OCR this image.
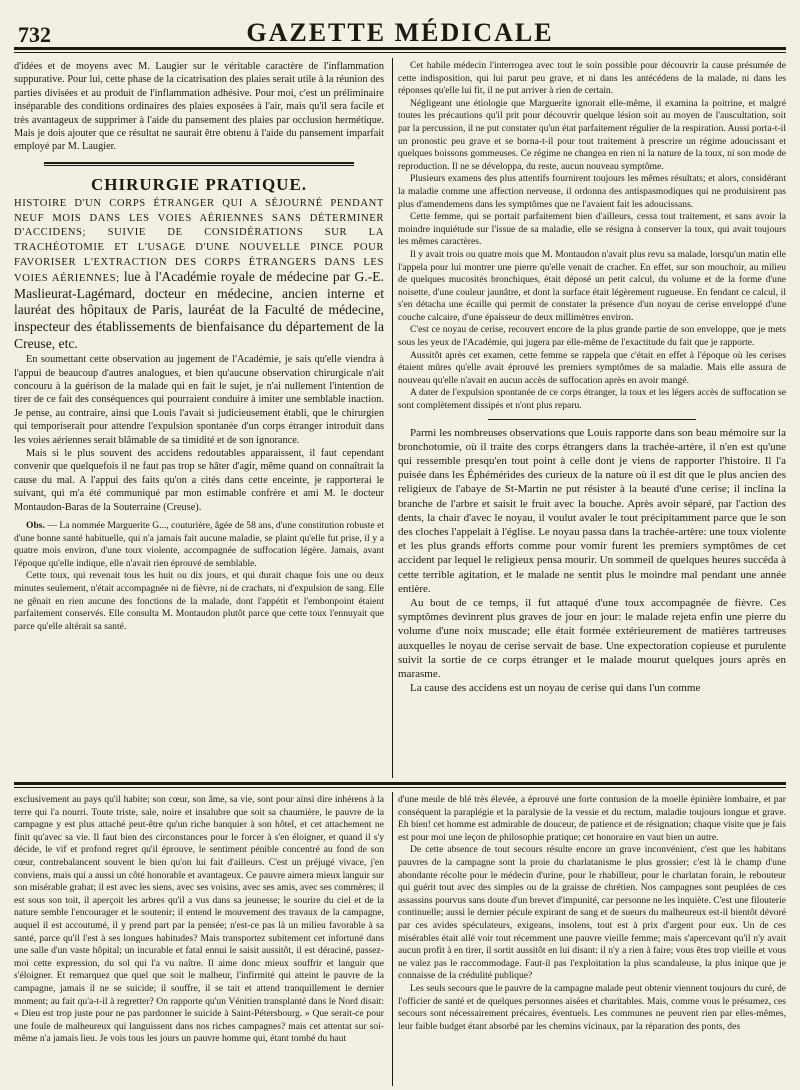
732	GAZETTE MÉDICALE

d'idées et de moyens avec M. Laugier sur le véritable caractère de l'inflammation suppurative. Pour lui, cette phase de la cicatrisation des plaies serait utile à la réunion des parties divisées et au produit de l'inflammation adhésive. Pour moi, c'est un préliminaire inséparable des conditions ordinaires des plaies exposées à l'air, mais qu'il sera facile et très avantageux de supprimer à l'aide du pansement des plaies par occlusion hermétique. Mais je dois ajouter que ce résultat ne saurait être obtenu à l'aide du pansement imparfait employé par M. Laugier.

CHIRURGIE PRATIQUE.

HISTOIRE D'UN CORPS ÉTRANGER QUI A SÉJOURNÉ PENDANT NEUF MOIS DANS LES VOIES AÉRIENNES SANS DÉTERMINER D'ACCIDENS; SUIVIE DE CONSIDÉRATIONS SUR LA TRACHÉOTOMIE ET L'USAGE D'UNE NOUVELLE PINCE POUR FAVORISER L'EXTRACTION DES CORPS ÉTRANGERS DANS LES VOIES AÉRIENNES; lue à l'Académie royale de médecine par G.-E. Maslieurat-Lagémard, docteur en médecine, ancien interne et lauréat des hôpitaux de Paris, lauréat de la Faculté de médecine, inspecteur des établissements de bienfaisance du département de la Creuse, etc.

En soumettant cette observation au jugement de l'Académie, je sais qu'elle viendra à l'appui de beaucoup d'autres analogues, et bien qu'aucune observation chirurgicale n'ait concouru à la guérison de la malade qui en fait le sujet, je n'ai nullement l'intention de tirer de ce fait des conséquences qui pourraient conduire à imiter une semblable inaction. Je pense, au contraire, ainsi que Louis l'avait si judicieusement établi, que le chirurgien qui temporiserait pour attendre l'expulsion spontanée d'un corps étranger introduit dans les voies aériennes serait blâmable de sa timidité et de son ignorance.

Mais si le plus souvent des accidens redoutables apparaissent, il faut cependant convenir que quelquefois il ne faut pas trop se hâter d'agir, même quand on connaîtrait la cause du mal. A l'appui des faits qu'on a cités dans cette enceinte, je rapporterai le suivant, qui m'a été communiqué par mon estimable confrère et ami M. le docteur Montaudon-Baras de la Souterraine (Creuse).

Obs. — La nommée Marguerite G..., couturière, âgée de 58 ans, d'une constitution robuste et d'une bonne santé habituelle, qui n'a jamais fait aucune maladie, se plaint qu'elle fut prise, il y a quatre mois environ, d'une toux violente, accompagnée de suffocation légère. Jamais, avant l'époque qu'elle indique, elle n'avait rien éprouvé de semblable.

Cette toux, qui revenait tous les huit ou dix jours, et qui durait chaque fois une ou deux minutes seulement, n'était accompagnée ni de fièvre, ni de crachats, ni d'expulsion de sang. Elle ne gênait en rien aucune des fonctions de la malade, dont l'appétit et l'embonpoint étaient parfaitement conservés. Elle consulta M. Montaudon plutôt parce que cette toux l'ennuyait que parce qu'elle altérait sa santé.

Cet habile médecin l'interrogea avec tout le soin possible pour découvrir la cause présumée de cette indisposition, qui lui parut peu grave, et ni dans les antécédens de la malade, ni dans les réponses qu'elle lui fit, il ne put arriver à rien de certain.

Négligeant une étiologie que Marguerite ignorait elle-même, il examina la poitrine, et malgré toutes les précautions qu'il prit pour découvrir quelque lésion soit au moyen de l'auscultation, soit par la percussion, il ne put constater qu'un état parfaitement régulier de la respiration. Aussi porta-t-il un pronostic peu grave et se borna-t-il pour tout traitement à prescrire un régime adoucissant et quelques boissons gommeuses. Ce régime ne changea en rien ni la nature de la toux, ni son mode de reproduction. Il ne se développa, du reste, aucun nouveau symptôme.

Plusieurs examens des plus attentifs fournirent toujours les mêmes résultats; et alors, considérant la maladie comme une affection nerveuse, il ordonna des antispasmodiques qui ne produisirent pas plus d'amendemens dans les symptômes que ne l'avaient fait les adoucissans.

Cette femme, qui se portait parfaitement bien d'ailleurs, cessa tout traitement, et sans avoir la moindre inquiétude sur l'issue de sa maladie, elle se résigna à conserver la toux, qui avait toujours les mêmes caractères.

Il y avait trois ou quatre mois que M. Montaudon n'avait plus revu sa malade, lorsqu'un matin elle l'appela pour lui montrer une pierre qu'elle venait de cracher. En effet, sur son mouchoir, au milieu de quelques mucosités bronchiques, était déposé un petit calcul, du volume et de la forme d'une noisette, d'une couleur jaunâtre, et dont la surface était légèrement rugueuse. En fendant ce calcul, il s'en détacha une écaille qui permit de constater la présence d'un noyau de cerise enveloppé d'une couche calcaire, d'une épaisseur de deux millimètres environ.

C'est ce noyau de cerise, recouvert encore de la plus grande partie de son enveloppe, que je mets sous les yeux de l'Académie, qui jugera par elle-même de l'exactitude du fait que je rapporte.

Aussitôt après cet examen, cette femme se rappela que c'était en effet à l'époque où les cerises étaient mûres qu'elle avait éprouvé les premiers symptômes de sa maladie. Mais elle assura de nouveau qu'elle n'avait en aucun accès de suffocation après en avoir mangé.

A dater de l'expulsion spontanée de ce corps étranger, la toux et les légers accès de suffocation se sont complètement dissipés et n'ont plus reparu.

Parmi les nombreuses observations que Louis rapporte dans son beau mémoire sur la bronchotomie, où il traite des corps étrangers dans la trachée-artère, il n'en est qu'une qui ressemble presqu'en tout point à celle dont je viens de rapporter l'histoire. Il l'a puisée dans les Éphémérides des curieux de la nature où il est dit que le plus ancien des religieux de l'abaye de St-Martin ne put résister à la beauté d'une cerise; il inclina la branche de l'arbre et saisit le fruit avec la bouche. Après avoir séparé, par l'action des dents, la chair d'avec le noyau, il voulut avaler le tout précipitamment parce que le son des cloches l'appelait à l'église. Le noyau passa dans la trachée-artère: une toux violente et les plus grands efforts comme pour vomir furent les premiers symptômes de cet accident par lequel le religieux pensa mourir. Un sommeil de quelques heures succéda à cette terrible agitation, et le malade ne sentit plus le moindre mal pendant une année entière.

Au bout de ce temps, il fut attaqué d'une toux accompagnée de fièvre. Ces symptômes devinrent plus graves de jour en jour: le malade rejeta enfin une pierre du volume d'une noix muscade; elle était formée extérieurement de matières tartreuses auxquelles le noyau de cerise servait de base. Une expectoration copieuse et purulente suivit la sortie de ce corps étranger et le malade mourut quelques jours après en marasme.

La cause des accidens est un noyau de cerise qui dans l'un comme

exclusivement au pays qu'il habite; son cœur, son âme, sa vie, sont pour ainsi dire inhérens à la terre qui l'a nourri. Toute triste, sale, noire et insalubre que soit sa chaumière, le pauvre de la campagne y est plus attaché peut-être qu'un riche banquier à son hôtel, et cet attachement ne finit qu'avec sa vie. Il faut bien des circonstances pour le forcer à s'en éloigner, et quand il s'y décide, le vif et profond regret qu'il éprouve, le sentiment pénible concentré au fond de son cœur, contrebalancent souvent le bien qu'on lui fait d'ailleurs. C'est un préjugé vivace, j'en conviens, mais qui a aussi un côté honorable et avantageux. Ce pauvre aimera mieux languir sur son misérable grabat; il est avec les siens, avec ses voisins, avec ses amis, avec ses commères; il est sous son toit, il aperçoit les arbres qu'il a vus dans sa jeunesse; le sourire du ciel et de la nature semble l'encourager et le soutenir; il entend le mouvement des travaux de la campagne, auquel il est accoutumé, il y prend part par la pensée; n'est-ce pas là un milieu favorable à sa santé, parce qu'il l'est à ses longues habitudes? Mais transportez subitement cet infortuné dans une salle d'un vaste hôpital; un incurable et fatal ennui le saisit aussitôt, il est déraciné, passez-moi cette expression, du sol qui l'a vu naître. Il aime donc mieux souffrir et languir que s'éloigner. Et remarquez que quel que soit le malheur, l'infirmité qui atteint le pauvre de la campagne, jamais il ne se suicide; il souffre, il se tait et attend tranquillement le dernier moment; au fait qu'a-t-il à regretter? On rapporte qu'un Vénitien transplanté dans le Nord disait: « Dieu est trop juste pour ne pas pardonner le suicide à Saint-Pétersbourg. » Que serait-ce pour une foule de malheureux qui languissent dans nos riches campagnes? mais cet attentat sur soi-même n'a jamais lieu. Je vois tous les jours un pauvre homme qui, étant tombé du haut

d'une meule de blé très élevée, a éprouvé une forte contusion de la moelle épinière lombaire, et par conséquent la paraplégie et la paralysie de la vessie et du rectum, maladie toujours longue et grave. Eh bien! cet homme est admirable de douceur, de patience et de résignation; chaque visite que je fais est pour moi une leçon de philosophie pratique; cet honoraire en vaut bien un autre.

De cette absence de tout secours résulte encore un grave inconvénient, c'est que les habitans pauvres de la campagne sont la proie du charlatanisme le plus grossier; c'est là le champ d'une abondante récolte pour le médecin d'urine, pour le rhabilleur, pour le charlatan forain, le rebouteur qui guérit tout avec des simples ou de la graisse de chrétien. Nos campagnes sont peuplées de ces assassins pourvus sans doute d'un brevet d'impunité, car personne ne les inquiète. C'est une filouterie continuelle; aussi le dernier pécule expirant de sang et de sueurs du malheureux est-il bientôt dévoré par ces avides spéculateurs, exigeans, insolens, tout est à prix d'argent pour eux. Un de ces misérables était allé voir tout récemment une pauvre vieille femme; mais s'apercevant qu'il n'y avait aucun profit à en tirer, il sortit aussitôt en lui disant: il n'y a rien à faire; vous êtes trop vieille et vous ne valez pas le raccommodage. Faut-il pas l'exploitation la plus scandaleuse, la plus inique que je connaisse de la crédulité publique?

Les seuls secours que le pauvre de la campagne malade peut obtenir viennent toujours du curé, de l'officier de santé et de quelques personnes aisées et charitables. Mais, comme vous le présumez, ces secours sont nécessairement précaires, éventuels. Les communes ne peuvent rien par elles-mêmes, leur faible budget étant absorbé par les chemins vicinaux, par la réparation des ponts, des
